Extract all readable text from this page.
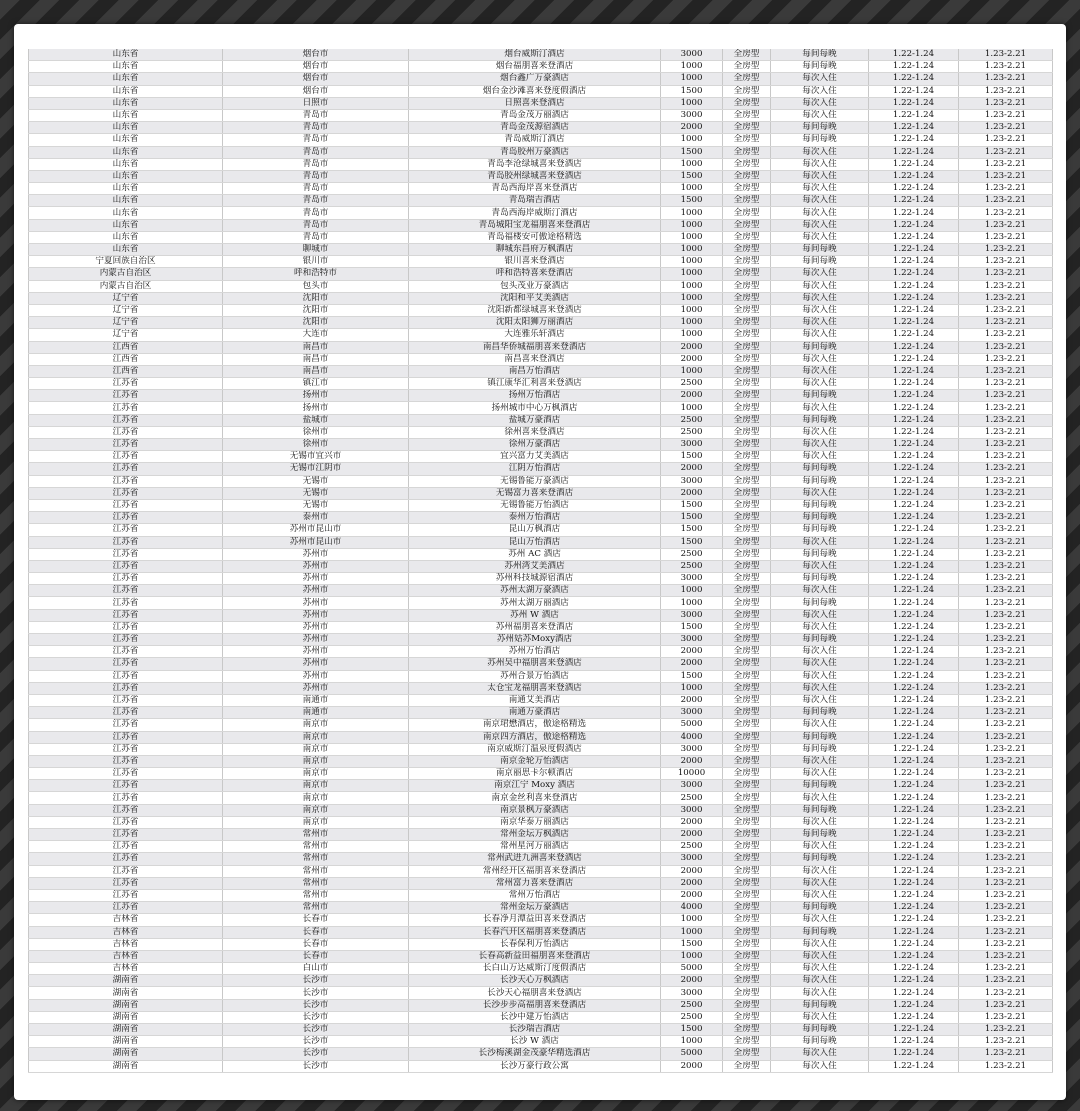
山东省	烟台市	烟台威斯汀酒店	3000	全房型	每间每晚	1.22-1.24	1.23-2.21
山东省	烟台市	烟台福朋喜来登酒店	1000	全房型	每间每晚	1.22-1.24	1.23-2.21
山东省	烟台市	烟台鑫广万豪酒店	1000	全房型	每次入住	1.22-1.24	1.23-2.21
山东省	烟台市	烟台金沙滩喜来登度假酒店	1500	全房型	每次入住	1.22-1.24	1.23-2.21
山东省	日照市	日照喜来登酒店	1000	全房型	每次入住	1.22-1.24	1.23-2.21
山东省	青岛市	青岛金茂万丽酒店	3000	全房型	每次入住	1.22-1.24	1.23-2.21
山东省	青岛市	青岛金茂源宿酒店	2000	全房型	每间每晚	1.22-1.24	1.23-2.21
山东省	青岛市	青岛威斯汀酒店	1000	全房型	每间每晚	1.22-1.24	1.23-2.21
山东省	青岛市	青岛胶州万豪酒店	1500	全房型	每次入住	1.22-1.24	1.23-2.21
山东省	青岛市	青岛李沧绿城喜来登酒店	1000	全房型	每次入住	1.22-1.24	1.23-2.21
山东省	青岛市	青岛胶州绿城喜来登酒店	1500	全房型	每次入住	1.22-1.24	1.23-2.21
山东省	青岛市	青岛西海岸喜来登酒店	1000	全房型	每次入住	1.22-1.24	1.23-2.21
山东省	青岛市	青岛瑞吉酒店	1500	全房型	每次入住	1.22-1.24	1.23-2.21
山东省	青岛市	青岛西海岸威斯汀酒店	1000	全房型	每次入住	1.22-1.24	1.23-2.21
山东省	青岛市	青岛城阳宝龙福朋喜来登酒店	1000	全房型	每次入住	1.22-1.24	1.23-2.21
山东省	青岛市	青岛福楼安可傲途格精选	1000	全房型	每次入住	1.22-1.24	1.23-2.21
山东省	聊城市	聊城东昌府万枫酒店	1000	全房型	每间每晚	1.22-1.24	1.23-2.21
宁夏回族自治区	银川市	银川喜来登酒店	1000	全房型	每间每晚	1.22-1.24	1.23-2.21
内蒙古自治区	呼和浩特市	呼和浩特喜来登酒店	1000	全房型	每次入住	1.22-1.24	1.23-2.21
内蒙古自治区	包头市	包头茂业万豪酒店	1000	全房型	每次入住	1.22-1.24	1.23-2.21
辽宁省	沈阳市	沈阳和平艾美酒店	1000	全房型	每次入住	1.22-1.24	1.23-2.21
辽宁省	沈阳市	沈阳新都绿城喜来登酒店	1000	全房型	每次入住	1.22-1.24	1.23-2.21
辽宁省	沈阳市	沈阳太阳狮万丽酒店	1000	全房型	每次入住	1.22-1.24	1.23-2.21
辽宁省	大连市	大连雅乐轩酒店	1000	全房型	每次入住	1.22-1.24	1.23-2.21
江西省	南昌市	南昌华侨城福朋喜来登酒店	2000	全房型	每间每晚	1.22-1.24	1.23-2.21
江西省	南昌市	南昌喜来登酒店	2000	全房型	每次入住	1.22-1.24	1.23-2.21
江西省	南昌市	南昌万怡酒店	1000	全房型	每次入住	1.22-1.24	1.23-2.21
江苏省	镇江市	镇江康华汇利喜来登酒店	2500	全房型	每次入住	1.22-1.24	1.23-2.21
江苏省	扬州市	扬州万怡酒店	2000	全房型	每间每晚	1.22-1.24	1.23-2.21
江苏省	扬州市	扬州城市中心万枫酒店	1000	全房型	每次入住	1.22-1.24	1.23-2.21
江苏省	盐城市	盐城万豪酒店	2500	全房型	每间每晚	1.22-1.24	1.23-2.21
江苏省	徐州市	徐州喜来登酒店	2500	全房型	每次入住	1.22-1.24	1.23-2.21
江苏省	徐州市	徐州万豪酒店	3000	全房型	每次入住	1.22-1.24	1.23-2.21
江苏省	无锡市宜兴市	宜兴富力艾美酒店	1500	全房型	每次入住	1.22-1.24	1.23-2.21
江苏省	无锡市江阴市	江阴万怡酒店	2000	全房型	每间每晚	1.22-1.24	1.23-2.21
江苏省	无锡市	无锡鲁能万豪酒店	3000	全房型	每间每晚	1.22-1.24	1.23-2.21
江苏省	无锡市	无锡富力喜来登酒店	2000	全房型	每次入住	1.22-1.24	1.23-2.21
江苏省	无锡市	无锡鲁能万怡酒店	1500	全房型	每间每晚	1.22-1.24	1.23-2.21
江苏省	泰州市	泰州万怡酒店	1500	全房型	每间每晚	1.22-1.24	1.23-2.21
江苏省	苏州市昆山市	昆山万枫酒店	1500	全房型	每间每晚	1.22-1.24	1.23-2.21
江苏省	苏州市昆山市	昆山万怡酒店	1500	全房型	每次入住	1.22-1.24	1.23-2.21
江苏省	苏州市	苏州 AC 酒店	2500	全房型	每间每晚	1.22-1.24	1.23-2.21
江苏省	苏州市	苏州湾艾美酒店	2500	全房型	每次入住	1.22-1.24	1.23-2.21
江苏省	苏州市	苏州科技城源宿酒店	3000	全房型	每间每晚	1.22-1.24	1.23-2.21
江苏省	苏州市	苏州太湖万豪酒店	1000	全房型	每次入住	1.22-1.24	1.23-2.21
江苏省	苏州市	苏州太湖万丽酒店	1000	全房型	每间每晚	1.22-1.24	1.23-2.21
江苏省	苏州市	苏州 W 酒店	3000	全房型	每次入住	1.22-1.24	1.23-2.21
江苏省	苏州市	苏州福朋喜来登酒店	1500	全房型	每次入住	1.22-1.24	1.23-2.21
江苏省	苏州市	苏州姑苏Moxy酒店	3000	全房型	每间每晚	1.22-1.24	1.23-2.21
江苏省	苏州市	苏州万怡酒店	2000	全房型	每次入住	1.22-1.24	1.23-2.21
江苏省	苏州市	苏州吴中福朋喜来登酒店	2000	全房型	每次入住	1.22-1.24	1.23-2.21
江苏省	苏州市	苏州合景万怡酒店	1500	全房型	每次入住	1.22-1.24	1.23-2.21
江苏省	苏州市	太仓宝龙福朋喜来登酒店	1000	全房型	每次入住	1.22-1.24	1.23-2.21
江苏省	南通市	南通艾美酒店	2000	全房型	每次入住	1.22-1.24	1.23-2.21
江苏省	南通市	南通万豪酒店	3000	全房型	每间每晚	1.22-1.24	1.23-2.21
江苏省	南京市	南京珺懋酒店，傲途格精选	5000	全房型	每次入住	1.22-1.24	1.23-2.21
江苏省	南京市	南京四方酒店，傲途格精选	4000	全房型	每间每晚	1.22-1.24	1.23-2.21
江苏省	南京市	南京威斯汀温泉度假酒店	3000	全房型	每间每晚	1.22-1.24	1.23-2.21
江苏省	南京市	南京金轮万怡酒店	2000	全房型	每次入住	1.22-1.24	1.23-2.21
江苏省	南京市	南京丽思卡尔顿酒店	10000	全房型	每次入住	1.22-1.24	1.23-2.21
江苏省	南京市	南京江宁 Moxy 酒店	3000	全房型	每间每晚	1.22-1.24	1.23-2.21
江苏省	南京市	南京金丝利喜来登酒店	2500	全房型	每次入住	1.22-1.24	1.23-2.21
江苏省	南京市	南京景枫万豪酒店	3000	全房型	每间每晚	1.22-1.24	1.23-2.21
江苏省	南京市	南京华泰万丽酒店	2000	全房型	每次入住	1.22-1.24	1.23-2.21
江苏省	常州市	常州金坛万枫酒店	2000	全房型	每间每晚	1.22-1.24	1.23-2.21
江苏省	常州市	常州星河万丽酒店	2500	全房型	每次入住	1.22-1.24	1.23-2.21
江苏省	常州市	常州武进九洲喜来登酒店	3000	全房型	每间每晚	1.22-1.24	1.23-2.21
江苏省	常州市	常州经开区福朋喜来登酒店	2000	全房型	每次入住	1.22-1.24	1.23-2.21
江苏省	常州市	常州富力喜来登酒店	2000	全房型	每次入住	1.22-1.24	1.23-2.21
江苏省	常州市	常州万怡酒店	2000	全房型	每次入住	1.22-1.24	1.23-2.21
江苏省	常州市	常州金坛万豪酒店	4000	全房型	每间每晚	1.22-1.24	1.23-2.21
吉林省	长春市	长春净月潭益田喜来登酒店	1000	全房型	每次入住	1.22-1.24	1.23-2.21
吉林省	长春市	长春汽开区福朋喜来登酒店	1000	全房型	每间每晚	1.22-1.24	1.23-2.21
吉林省	长春市	长春保利万怡酒店	1500	全房型	每次入住	1.22-1.24	1.23-2.21
吉林省	长春市	长春高新益田福朋喜来登酒店	1000	全房型	每次入住	1.22-1.24	1.23-2.21
吉林省	白山市	长白山万达威斯汀度假酒店	5000	全房型	每次入住	1.22-1.24	1.23-2.21
湖南省	长沙市	长沙天心万枫酒店	2000	全房型	每次入住	1.22-1.24	1.23-2.21
湖南省	长沙市	长沙天心福朋喜来登酒店	3000	全房型	每次入住	1.22-1.24	1.23-2.21
湖南省	长沙市	长沙步步高福朋喜来登酒店	2500	全房型	每间每晚	1.22-1.24	1.23-2.21
湖南省	长沙市	长沙中建万怡酒店	2500	全房型	每次入住	1.22-1.24	1.23-2.21
湖南省	长沙市	长沙瑞吉酒店	1500	全房型	每间每晚	1.22-1.24	1.23-2.21
湖南省	长沙市	长沙 W 酒店	1000	全房型	每间每晚	1.22-1.24	1.23-2.21
湖南省	长沙市	长沙梅溪湖金茂豪华精选酒店	5000	全房型	每次入住	1.22-1.24	1.23-2.21
湖南省	长沙市	长沙万豪行政公寓	2000	全房型	每次入住	1.22-1.24	1.23-2.21
